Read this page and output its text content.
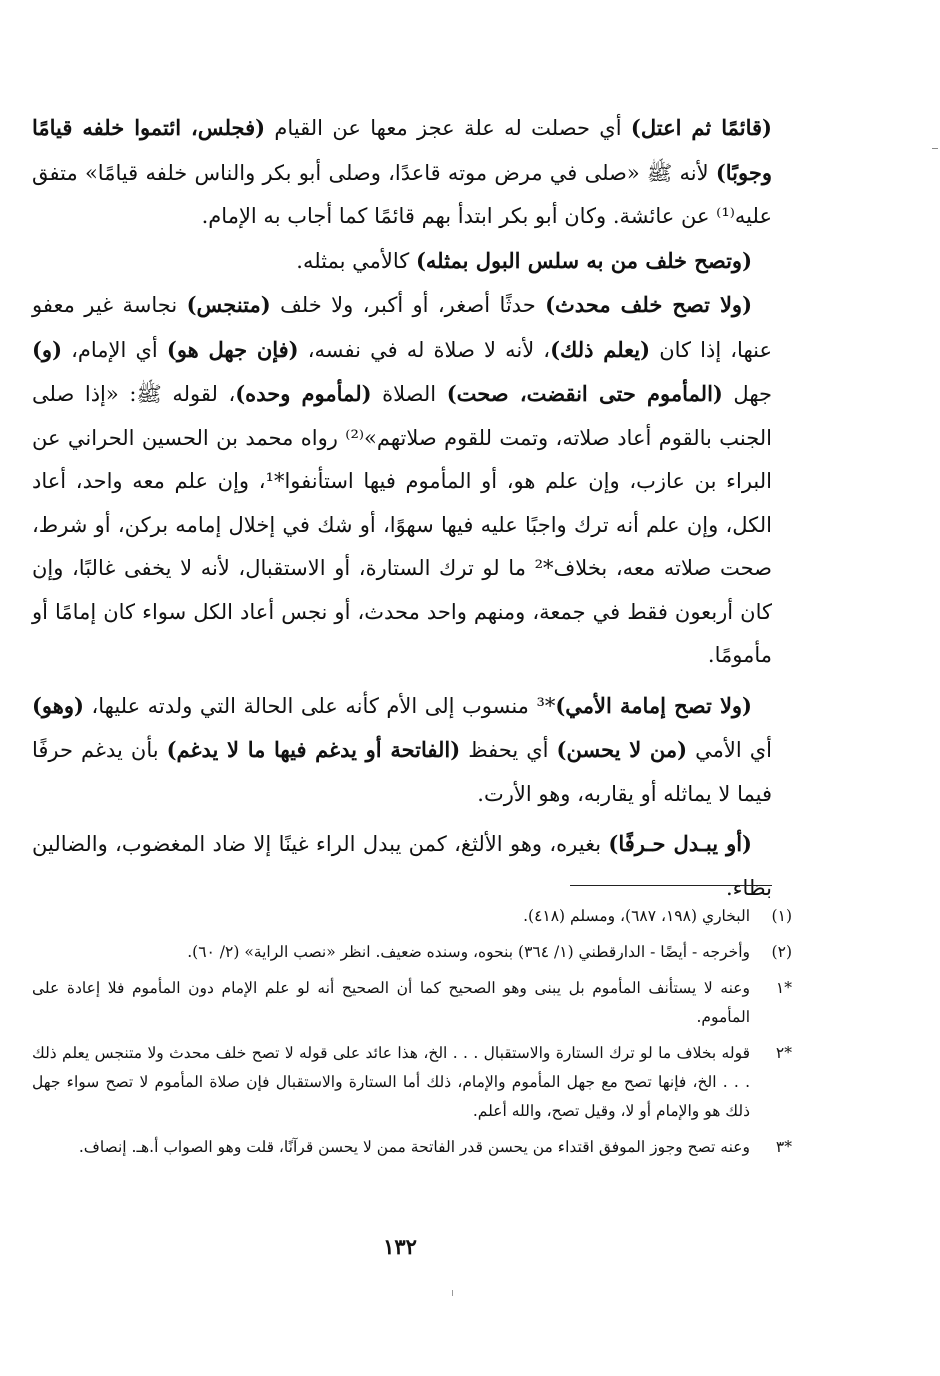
(قائمًا ثم اعتل) أي حصلت له علة عجز معها عن القيام (فجلس، ائتموا خلفه قيامًا وجوبًا) لأنه ﷺ «صلى في مرض موته قاعدًا، وصلى أبو بكر والناس خلفه قيامًا» متفق عليه⁽¹⁾ عن عائشة. وكان أبو بكر ابتدأ بهم قائمًا كما أجاب به الإمام.

(وتصح خلف من به سلس البول بمثله) كالأمي بمثله.

(ولا تصح خلف محدث) حدثًا أصغر، أو أكبر، ولا خلف (متنجس) نجاسة غير معفو عنها، إذا كان (يعلم ذلك)، لأنه لا صلاة له في نفسه، (فإن جهل هو) أي الإمام، (و) جهل (المأموم حتى انقضت، صحت) الصلاة (لمأموم وحده)، لقوله ﷺ: «إذا صلى الجنب بالقوم أعاد صلاته، وتمت للقوم صلاتهم»⁽²⁾ رواه محمد بن الحسين الحراني عن البراء بن عازب، وإن علم هو، أو المأموم فيها استأنفوا*¹، وإن علم معه واحد، أعاد الكل، وإن علم أنه ترك واجبًا عليه فيها سهوًا، أو شك في إخلال إمامه بركن، أو شرط، صحت صلاته معه، بخلاف*² ما لو ترك الستارة، أو الاستقبال، لأنه لا يخفى غالبًا، وإن كان أربعون فقط في جمعة، ومنهم واحد محدث، أو نجس أعاد الكل سواء كان إمامًا أو مأمومًا.

(ولا تصح إمامة الأمي)*³ منسوب إلى الأم كأنه على الحالة التي ولدته عليها، (وهو) أي الأمي (من لا يحسن) أي يحفظ (الفاتحة أو يدغم فيها ما لا يدغم) بأن يدغم حرفًا فيما لا يماثله أو يقاربه، وهو الأرت.

(أو يبـدل حـرفًا) بغيره، وهو الألثغ، كمن يبدل الراء غينًا إلا ضاد المغضوب، والضالين بظاء.

(١)
البخاري (١٩٨، ٦٨٧)، ومسلم (٤١٨).
(٢)
وأخرجه - أيضًا - الدارقطني (١/ ٣٦٤) بنحوه، وسنده ضعيف. انظر «نصب الراية» (٢/ ٦٠).
*١
وعنه لا يستأنف المأموم بل يبنى وهو الصحيح كما أن الصحيح أنه لو علم الإمام دون المأموم فلا إعادة على المأموم.
*٢
قوله بخلاف ما لو ترك الستارة والاستقبال . . . الخ، هذا عائد على قوله لا تصح خلف محدث ولا متنجس يعلم ذلك . . . الخ، فإنها تصح مع جهل المأموم والإمام، ذلك أما الستارة والاستقبال فإن صلاة المأموم لا تصح سواء جهل ذلك هو والإمام أو لا، وقيل تصح، والله أعلم.
*٣
وعنه تصح وجوز الموفق اقتداء من يحسن قدر الفاتحة ممن لا يحسن قرآنًا، قلت وهو الصواب أ.هـ. إنصاف.
١٣٢
